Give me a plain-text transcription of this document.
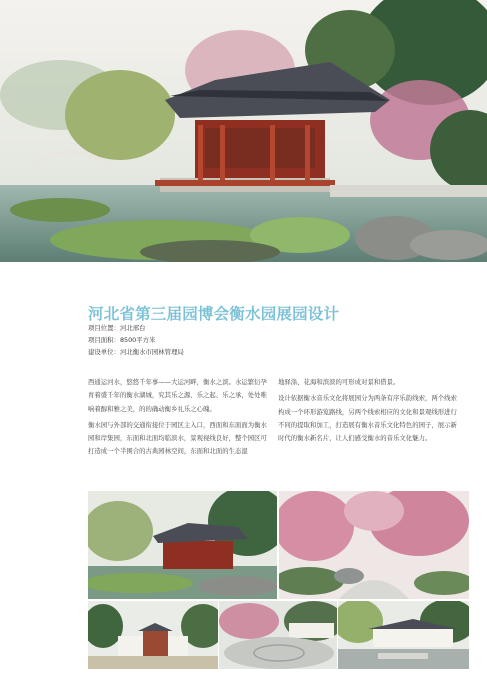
河北省第三届园博会衡水园展园设计
项目位置：河北邢台
项目面积：8500平方米
建设单位：河北衡水市园林管理局

西通运河水，悠悠千年事——大运河畔，衡水之滨。水运繁衍孕育着盛千年的衡水湖城，究其乐之源、乐之起、乐之承，处处唯响着醇和雅之美，的的确动衡乡礼乐之心魄。

衡水园与外部的交通衔接位于园区主入口，西面和东面面为衡水园和岸集园，东面和北面均临滨水，景观视线良好，整个园区可打造成一个半围合的古典园林空间，东面和北面的生态湿

地驿涤、花海和滨滨的可形成对景和借景。

设计依据衡水音乐文化将展园分为两条有序乐韵线索，两个线索构成一个环形游览路线，另两个线索相应的文化和景观线形进行不同的提取和加工，打造展有衡水音乐文化特色的园子，展示新时代的衡水新名片，让人们感受衡水的音乐文化魅力。
